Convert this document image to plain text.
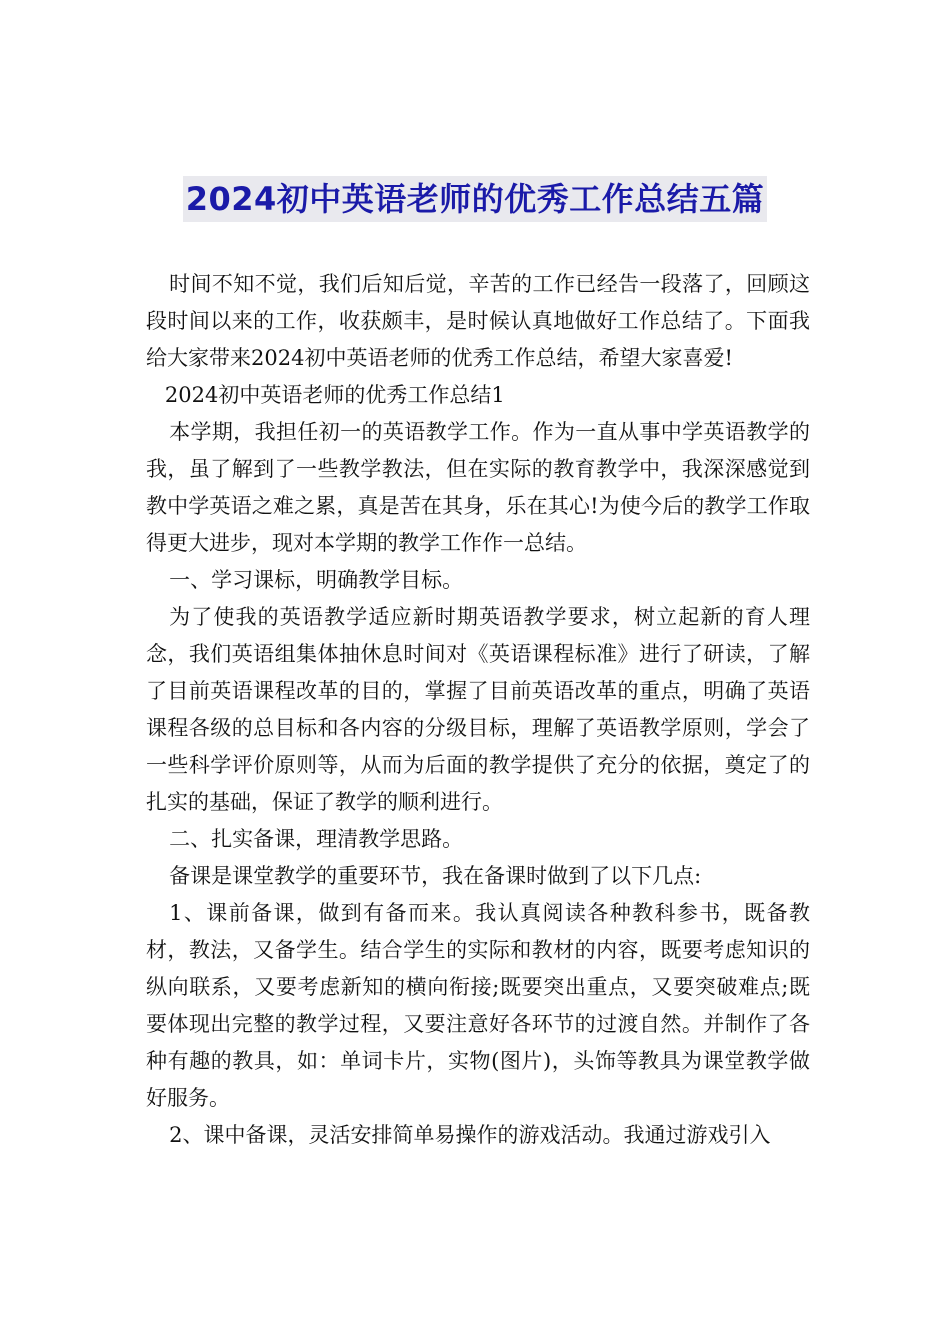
2024初中英语老师的优秀工作总结五篇

时间不知不觉，我们后知后觉，辛苦的工作已经告一段落了，回顾这段时间以来的工作，收获颇丰，是时候认真地做好工作总结了。下面我给大家带来2024初中英语老师的优秀工作总结，希望大家喜爱!

2024初中英语老师的优秀工作总结1

本学期，我担任初一的英语教学工作。作为一直从事中学英语教学的我，虽了解到了一些教学教法，但在实际的教育教学中，我深深感觉到教中学英语之难之累，真是苦在其身，乐在其心!为使今后的教学工作取得更大进步，现对本学期的教学工作作一总结。

一、学习课标，明确教学目标。

为了使我的英语教学适应新时期英语教学要求，树立起新的育人理念，我们英语组集体抽休息时间对《英语课程标准》进行了研读，了解了目前英语课程改革的目的，掌握了目前英语改革的重点，明确了英语课程各级的总目标和各内容的分级目标，理解了英语教学原则，学会了一些科学评价原则等，从而为后面的教学提供了充分的依据，奠定了的扎实的基础，保证了教学的顺利进行。

二、扎实备课，理清教学思路。

备课是课堂教学的重要环节，我在备课时做到了以下几点:

1、课前备课，做到有备而来。我认真阅读各种教科参书，既备教材，教法，又备学生。结合学生的实际和教材的内容，既要考虑知识的纵向联系，又要考虑新知的横向衔接;既要突出重点，又要突破难点;既要体现出完整的教学过程，又要注意好各环节的过渡自然。并制作了各种有趣的教具，如：单词卡片，实物(图片)，头饰等教具为课堂教学做好服务。

2、课中备课，灵活安排简单易操作的游戏活动。我通过游戏引入
